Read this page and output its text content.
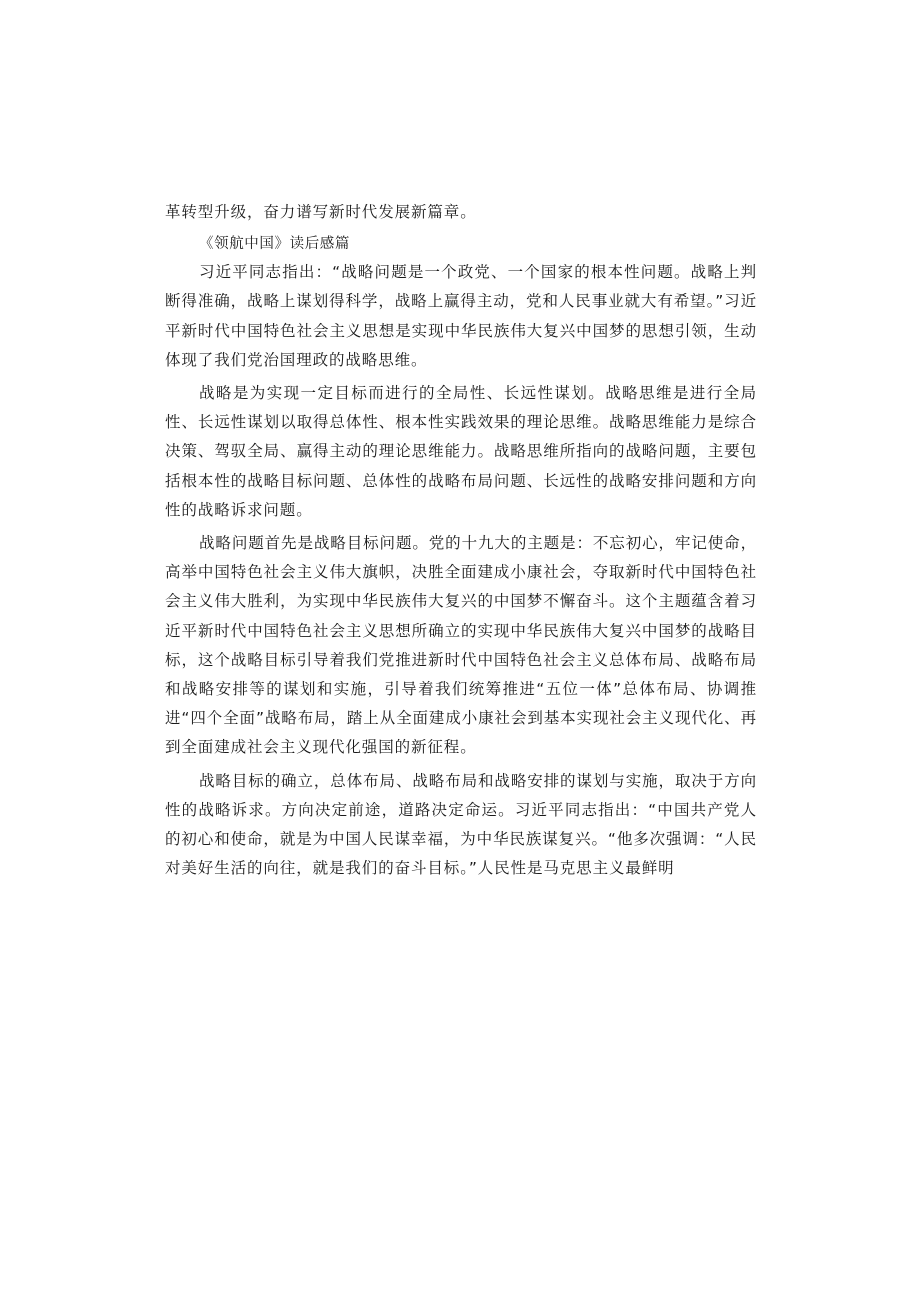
革转型升级，奋力谱写新时代发展新篇章。

《领航中国》读后感篇

习近平同志指出：“战略问题是一个政党、一个国家的根本性问题。战略上判断得准确，战略上谋划得科学，战略上赢得主动，党和人民事业就大有希望。”习近平新时代中国特色社会主义思想是实现中华民族伟大复兴中国梦的思想引领，生动体现了我们党治国理政的战略思维。

战略是为实现一定目标而进行的全局性、长远性谋划。战略思维是进行全局性、长远性谋划以取得总体性、根本性实践效果的理论思维。战略思维能力是综合决策、驾驭全局、赢得主动的理论思维能力。战略思维所指向的战略问题，主要包括根本性的战略目标问题、总体性的战略布局问题、长远性的战略安排问题和方向性的战略诉求问题。

战略问题首先是战略目标问题。党的十九大的主题是：不忘初心，牢记使命，高举中国特色社会主义伟大旗帜，决胜全面建成小康社会，夺取新时代中国特色社会主义伟大胜利，为实现中华民族伟大复兴的中国梦不懈奋斗。这个主题蕴含着习近平新时代中国特色社会主义思想所确立的实现中华民族伟大复兴中国梦的战略目标，这个战略目标引导着我们党推进新时代中国特色社会主义总体布局、战略布局和战略安排等的谋划和实施，引导着我们统筹推进“五位一体”总体布局、协调推进“四个全面”战略布局，踏上从全面建成小康社会到基本实现社会主义现代化、再到全面建成社会主义现代化强国的新征程。

战略目标的确立，总体布局、战略布局和战略安排的谋划与实施，取决于方向性的战略诉求。方向决定前途，道路决定命运。习近平同志指出：“中国共产党人的初心和使命，就是为中国人民谋幸福，为中华民族谋复兴。“他多次强调：“人民对美好生活的向往，就是我们的奋斗目标。”人民性是马克思主义最鲜明
